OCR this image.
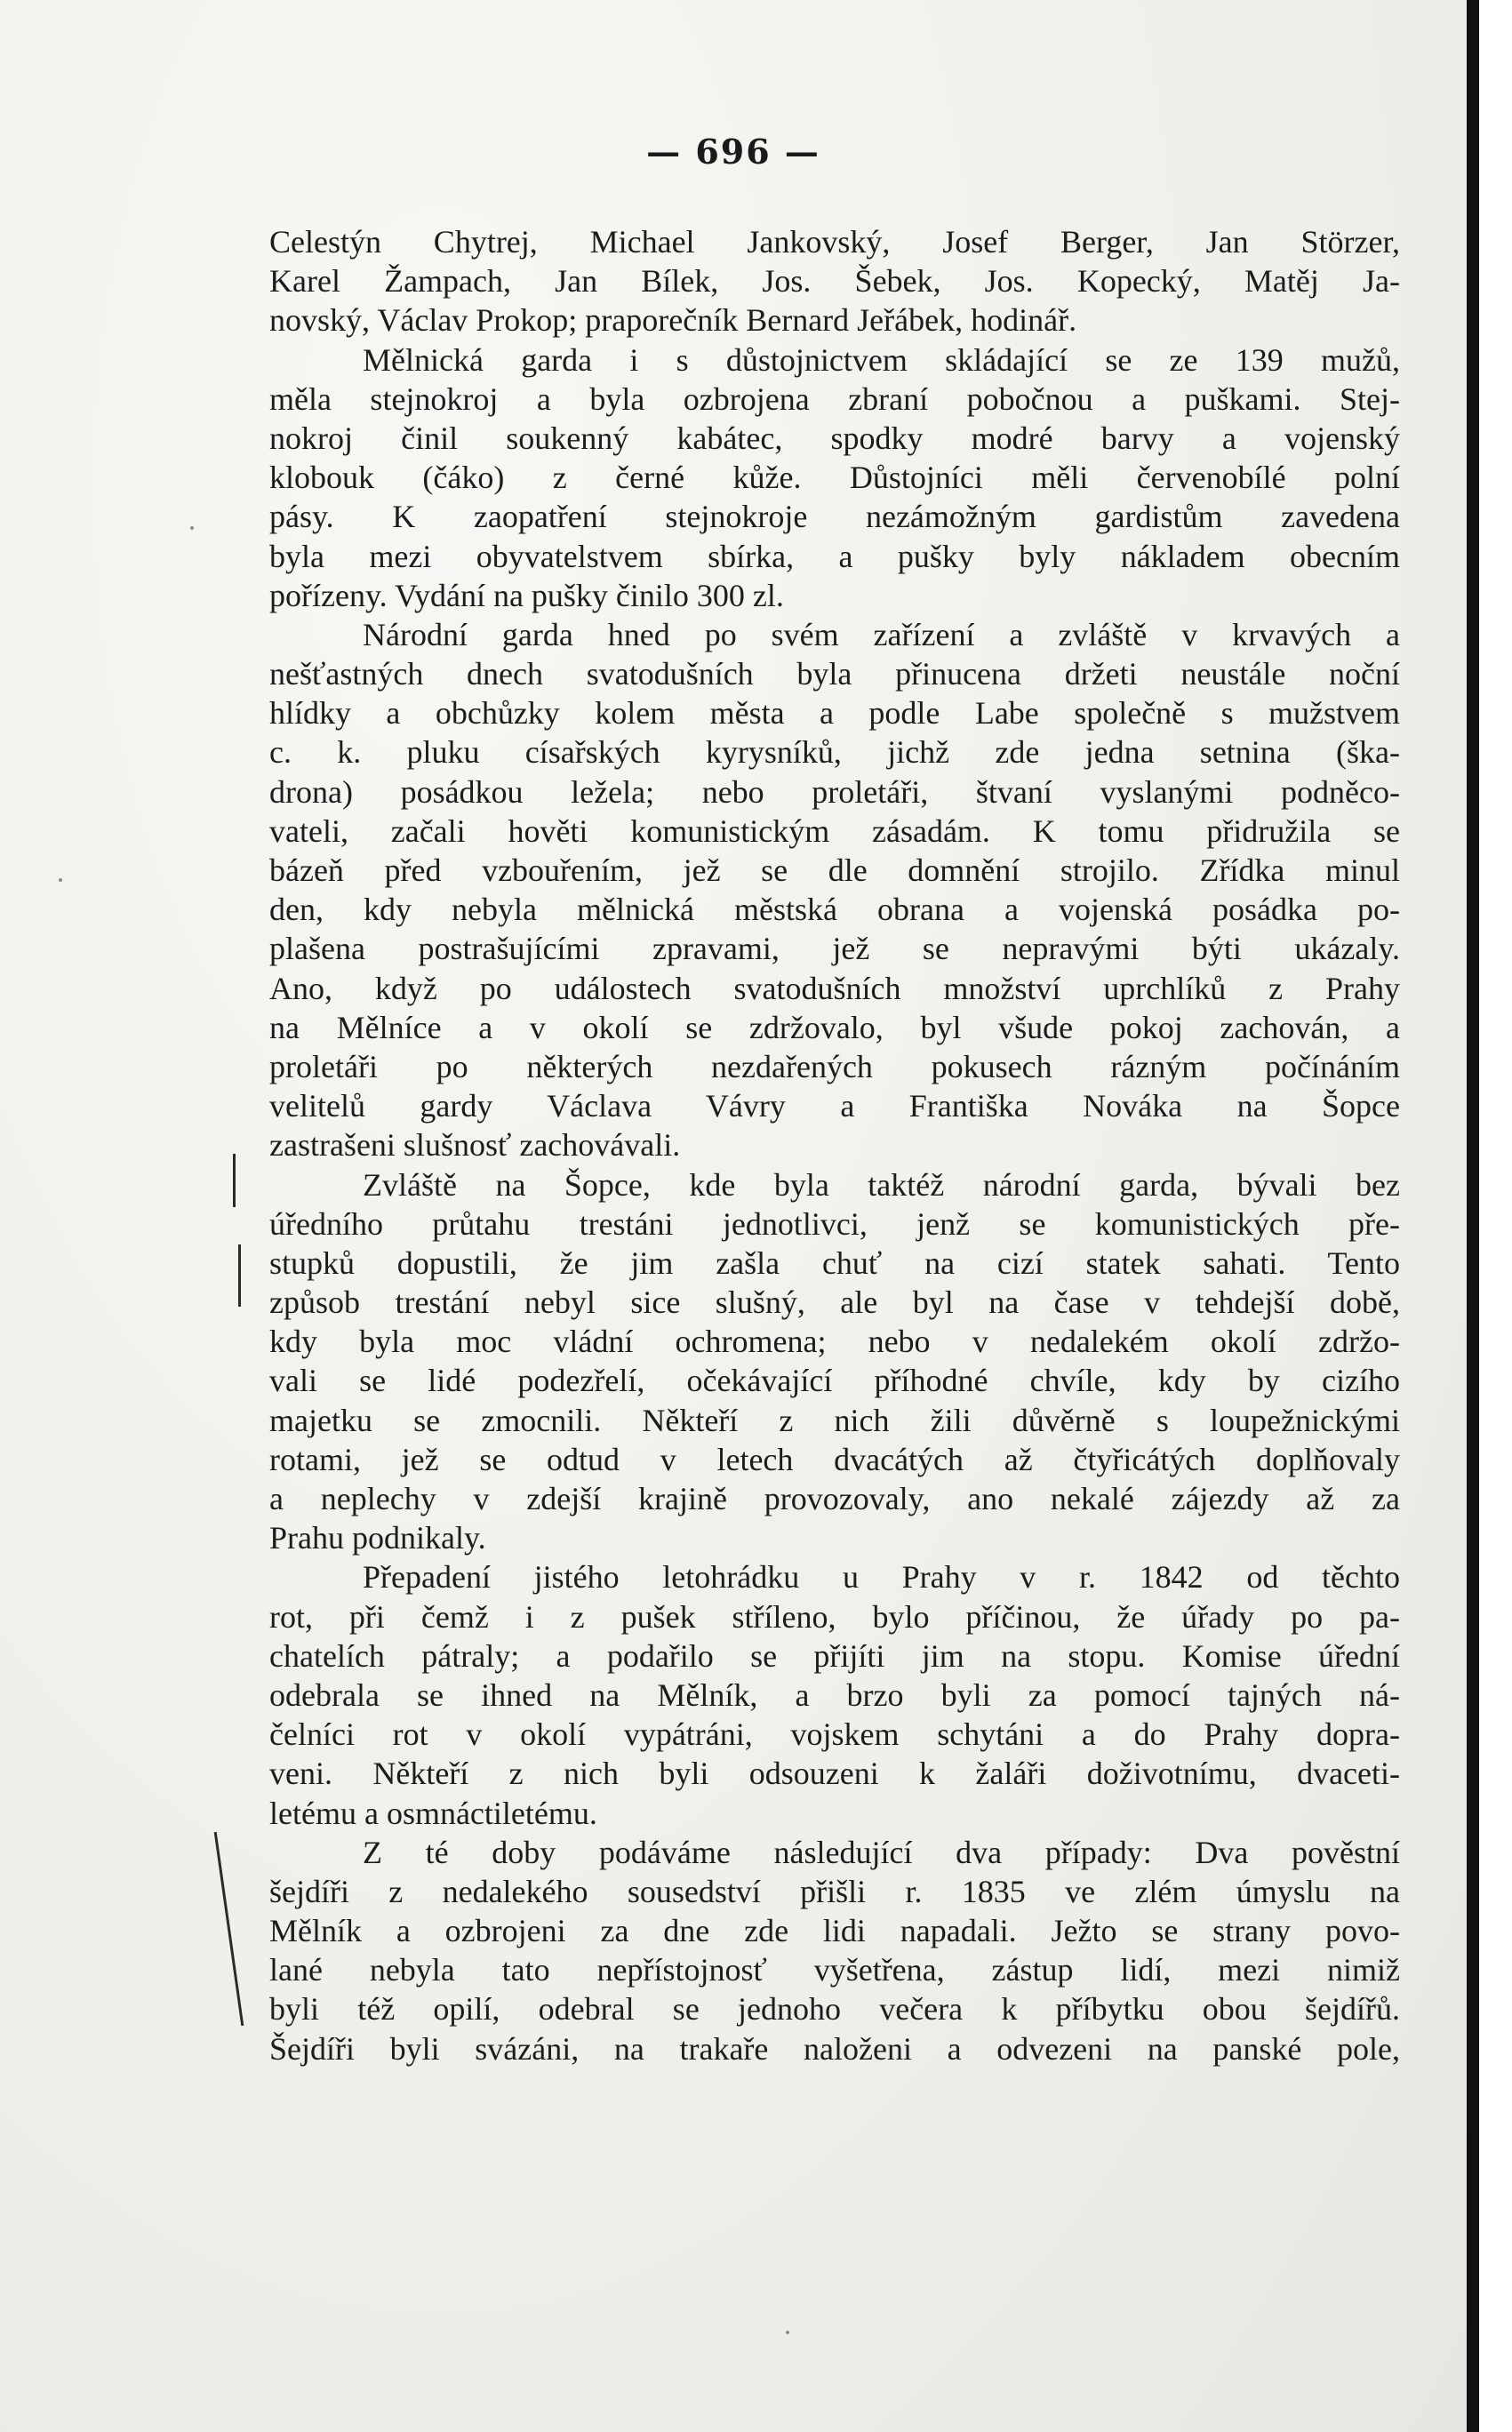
— 696 —
Celestýn Chytrej, Michael Jankovský, Josef Berger, Jan Störzer,
Karel Žampach, Jan Bílek, Jos. Šebek, Jos. Kopecký, Matěj Ja-
novský, Václav Prokop; praporečník Bernard Jeřábek, hodinář.
Mělnická garda i s důstojnictvem skládající se ze 139 mužů,
měla stejnokroj a byla ozbrojena zbraní pobočnou a puškami. Stej-
nokroj činil soukenný kabátec, spodky modré barvy a vojenský
klobouk (čáko) z černé kůže. Důstojníci měli červenobílé polní
pásy. K zaopatření stejnokroje nezámožným gardistům zavedena
byla mezi obyvatelstvem sbírka, a pušky byly nákladem obecním
pořízeny. Vydání na pušky činilo 300 zl.
Národní garda hned po svém zařízení a zvláště v krvavých a
nešťastných dnech svatodušních byla přinucena držeti neustále noční
hlídky a obchůzky kolem města a podle Labe společně s mužstvem
c. k. pluku císařských kyrysníků, jichž zde jedna setnina (ška-
drona) posádkou ležela; nebo proletáři, štvaní vyslanými podněco-
vateli, začali hověti komunistickým zásadám. K tomu přidružila se
bázeň před vzbouřením, jež se dle domnění strojilo. Zřídka minul
den, kdy nebyla mělnická městská obrana a vojenská posádka po-
plašena postrašujícími zpravami, jež se nepravými býti ukázaly.
Ano, když po událostech svatodušních množství uprchlíků z Prahy
na Mělníce a v okolí se zdržovalo, byl všude pokoj zachován, a
proletáři po některých nezdařených pokusech rázným počínáním
velitelů gardy Václava Vávry a Františka Nováka na Šopce
zastrašeni slušnosť zachovávali.
Zvláště na Šopce, kde byla taktéž národní garda, bývali bez
úředního průtahu trestáni jednotlivci, jenž se komunistických pře-
stupků dopustili, že jim zašla chuť na cizí statek sahati. Tento
způsob trestání nebyl sice slušný, ale byl na čase v tehdejší době,
kdy byla moc vládní ochromena; nebo v nedalekém okolí zdržo-
vali se lidé podezřelí, očekávající příhodné chvíle, kdy by cizího
majetku se zmocnili. Někteří z nich žili důvěrně s loupežnickými
rotami, jež se odtud v letech dvacátých až čtyřicátých doplňovaly
a neplechy v zdejší krajině provozovaly, ano nekalé zájezdy až za
Prahu podnikaly.
Přepadení jistého letohrádku u Prahy v r. 1842 od těchto
rot, při čemž i z pušek stříleno, bylo příčinou, že úřady po pa-
chatelích pátraly; a podařilo se přijíti jim na stopu. Komise úřední
odebrala se ihned na Mělník, a brzo byli za pomocí tajných ná-
čelníci rot v okolí vypátráni, vojskem schytáni a do Prahy dopra-
veni. Někteří z nich byli odsouzeni k žaláři doživotnímu, dvaceti-
letému a osmnáctiletému.
Z té doby podáváme následující dva případy: Dva pověstní
šejdíři z nedalekého sousedství přišli r. 1835 ve zlém úmyslu na
Mělník a ozbrojeni za dne zde lidi napadali. Ježto se strany povo-
lané nebyla tato nepřístojnosť vyšetřena, zástup lidí, mezi nimiž
byli též opilí, odebral se jednoho večera k příbytku obou šejdířů.
Šejdíři byli svázáni, na trakaře naloženi a odvezeni na panské pole,
